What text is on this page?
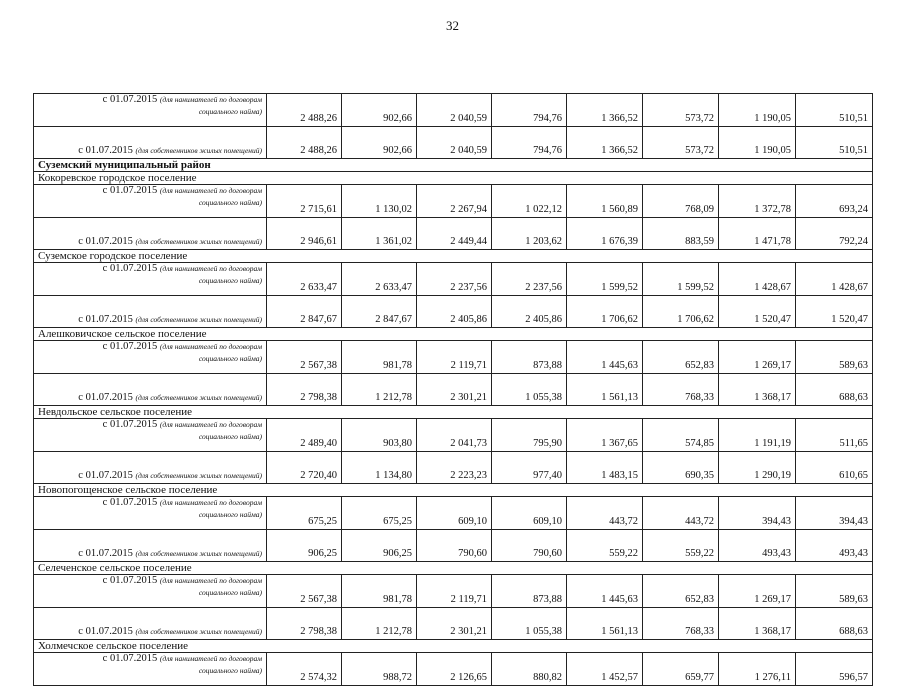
32
с 01.07.2015 (для нанимателей по договорам
социального найма)	2 488,26	902,66	2 040,59	794,76	1 366,52	573,72	1 190,05	510,51
с 01.07.2015 (для собственников жилых помещений)	2 488,26	902,66	2 040,59	794,76	1 366,52	573,72	1 190,05	510,51
Суземский муниципальный район								
Кокоревское городское поселение								

с 01.07.2015 (для нанимателей по договорам
социального найма)	2 715,61	1 130,02	2 267,94	1 022,12	1 560,89	768,09	1 372,78	693,24
с 01.07.2015 (для собственников жилых помещений)	2 946,61	1 361,02	2 449,44	1 203,62	1 676,39	883,59	1 471,78	792,24
Суземское городское поселение								

с 01.07.2015 (для нанимателей по договорам
социального найма)	2 633,47	2 633,47	2 237,56	2 237,56	1 599,52	1 599,52	1 428,67	1 428,67
с 01.07.2015 (для собственников жилых помещений)	2 847,67	2 847,67	2 405,86	2 405,86	1 706,62	1 706,62	1 520,47	1 520,47
Алешковичское сельское поселение								

с 01.07.2015 (для нанимателей по договорам
социального найма)	2 567,38	981,78	2 119,71	873,88	1 445,63	652,83	1 269,17	589,63
с 01.07.2015 (для собственников жилых помещений)	2 798,38	1 212,78	2 301,21	1 055,38	1 561,13	768,33	1 368,17	688,63
Невдольское сельское поселение								

с 01.07.2015 (для нанимателей по договорам
социального найма)	2 489,40	903,80	2 041,73	795,90	1 367,65	574,85	1 191,19	511,65
с 01.07.2015 (для собственников жилых помещений)	2 720,40	1 134,80	2 223,23	977,40	1 483,15	690,35	1 290,19	610,65
Новопогощенское сельское поселение								

с 01.07.2015 (для нанимателей по договорам
социального найма)	675,25	675,25	609,10	609,10	443,72	443,72	394,43	394,43
с 01.07.2015 (для собственников жилых помещений)	906,25	906,25	790,60	790,60	559,22	559,22	493,43	493,43
Селеченское сельское поселение								

с 01.07.2015 (для нанимателей по договорам
социального найма)	2 567,38	981,78	2 119,71	873,88	1 445,63	652,83	1 269,17	589,63
с 01.07.2015 (для собственников жилых помещений)	2 798,38	1 212,78	2 301,21	1 055,38	1 561,13	768,33	1 368,17	688,63
Холмечское сельское поселение								

с 01.07.2015 (для нанимателей по договорам
социального найма)	2 574,32	988,72	2 126,65	880,82	1 452,57	659,77	1 276,11	596,57
